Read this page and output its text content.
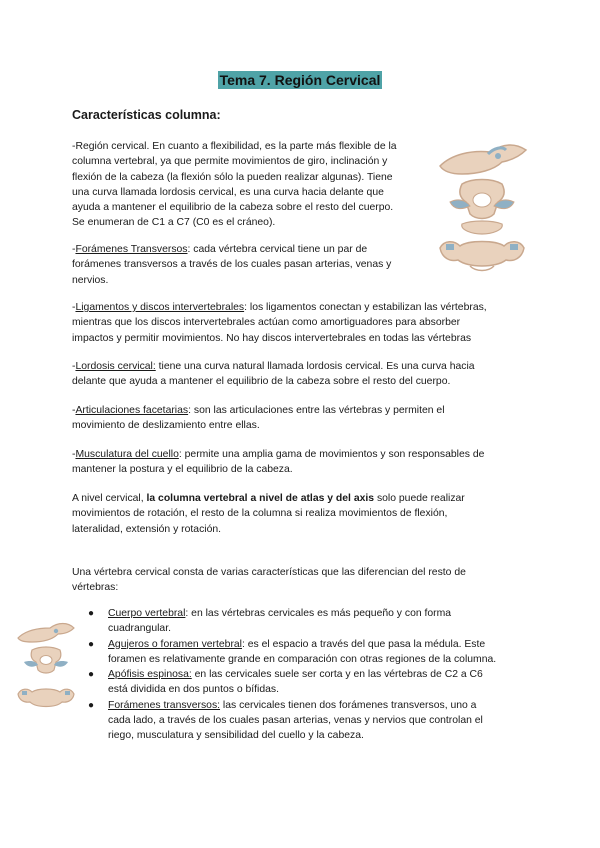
Tema 7. Región Cervical
Características columna:
-Región cervical. En cuanto a flexibilidad, es la parte más flexible de la
columna vertebral, ya que permite movimientos de giro, inclinación y
flexión de la cabeza (la flexión sólo la pueden realizar algunas). Tiene
una curva llamada lordosis cervical, es una curva hacia delante que
ayuda a mantener el equilibrio de la cabeza sobre el resto del cuerpo.
Se enumeran de C1 a C7 (C0 es el cráneo).
-Forámenes Transversos: cada vértebra cervical tiene un par de
forámenes transversos a través de los cuales pasan arterias, venas y
nervios.
-Ligamentos y discos intervertebrales: los ligamentos conectan y estabilizan las vértebras,
mientras que los discos intervertebrales actúan como amortiguadores para absorber
impactos y permitir movimientos. No hay discos intervertebrales en todas las vértebras
-Lordosis cervical: tiene una curva natural llamada lordosis cervical. Es una curva hacia
delante que ayuda a mantener el equilibrio de la cabeza sobre el resto del cuerpo.
-Articulaciones facetarias: son las articulaciones entre las vértebras y permiten el
movimiento de deslizamiento entre ellas.
-Musculatura del cuello: permite una amplia gama de movimientos y son responsables de
mantener la postura y el equilibrio de la cabeza.
A nivel cervical, la columna vertebral a nivel de atlas y del axis solo puede realizar
movimientos de rotación, el resto de la columna si realiza movimientos de flexión,
lateralidad, extensión y rotación.
Una vértebra cervical consta de varias características que las diferencian del resto de
vértebras:
● Cuerpo vertebral: en las vértebras cervicales es más pequeño y con forma
cuadrangular.
● Agujeros o foramen vertebral: es el espacio a través del que pasa la médula. Este
foramen es relativamente grande en comparación con otras regiones de la columna.
● Apófisis espinosa: en las cervicales suele ser corta y en las vértebras de C2 a C6
está dividida en dos puntos o bífidas.
● Forámenes transversos: las cervicales tienen dos forámenes transversos, uno a
cada lado, a través de los cuales pasan arterias, venas y nervios que controlan el
riego, musculatura y sensibilidad del cuello y la cabeza.
